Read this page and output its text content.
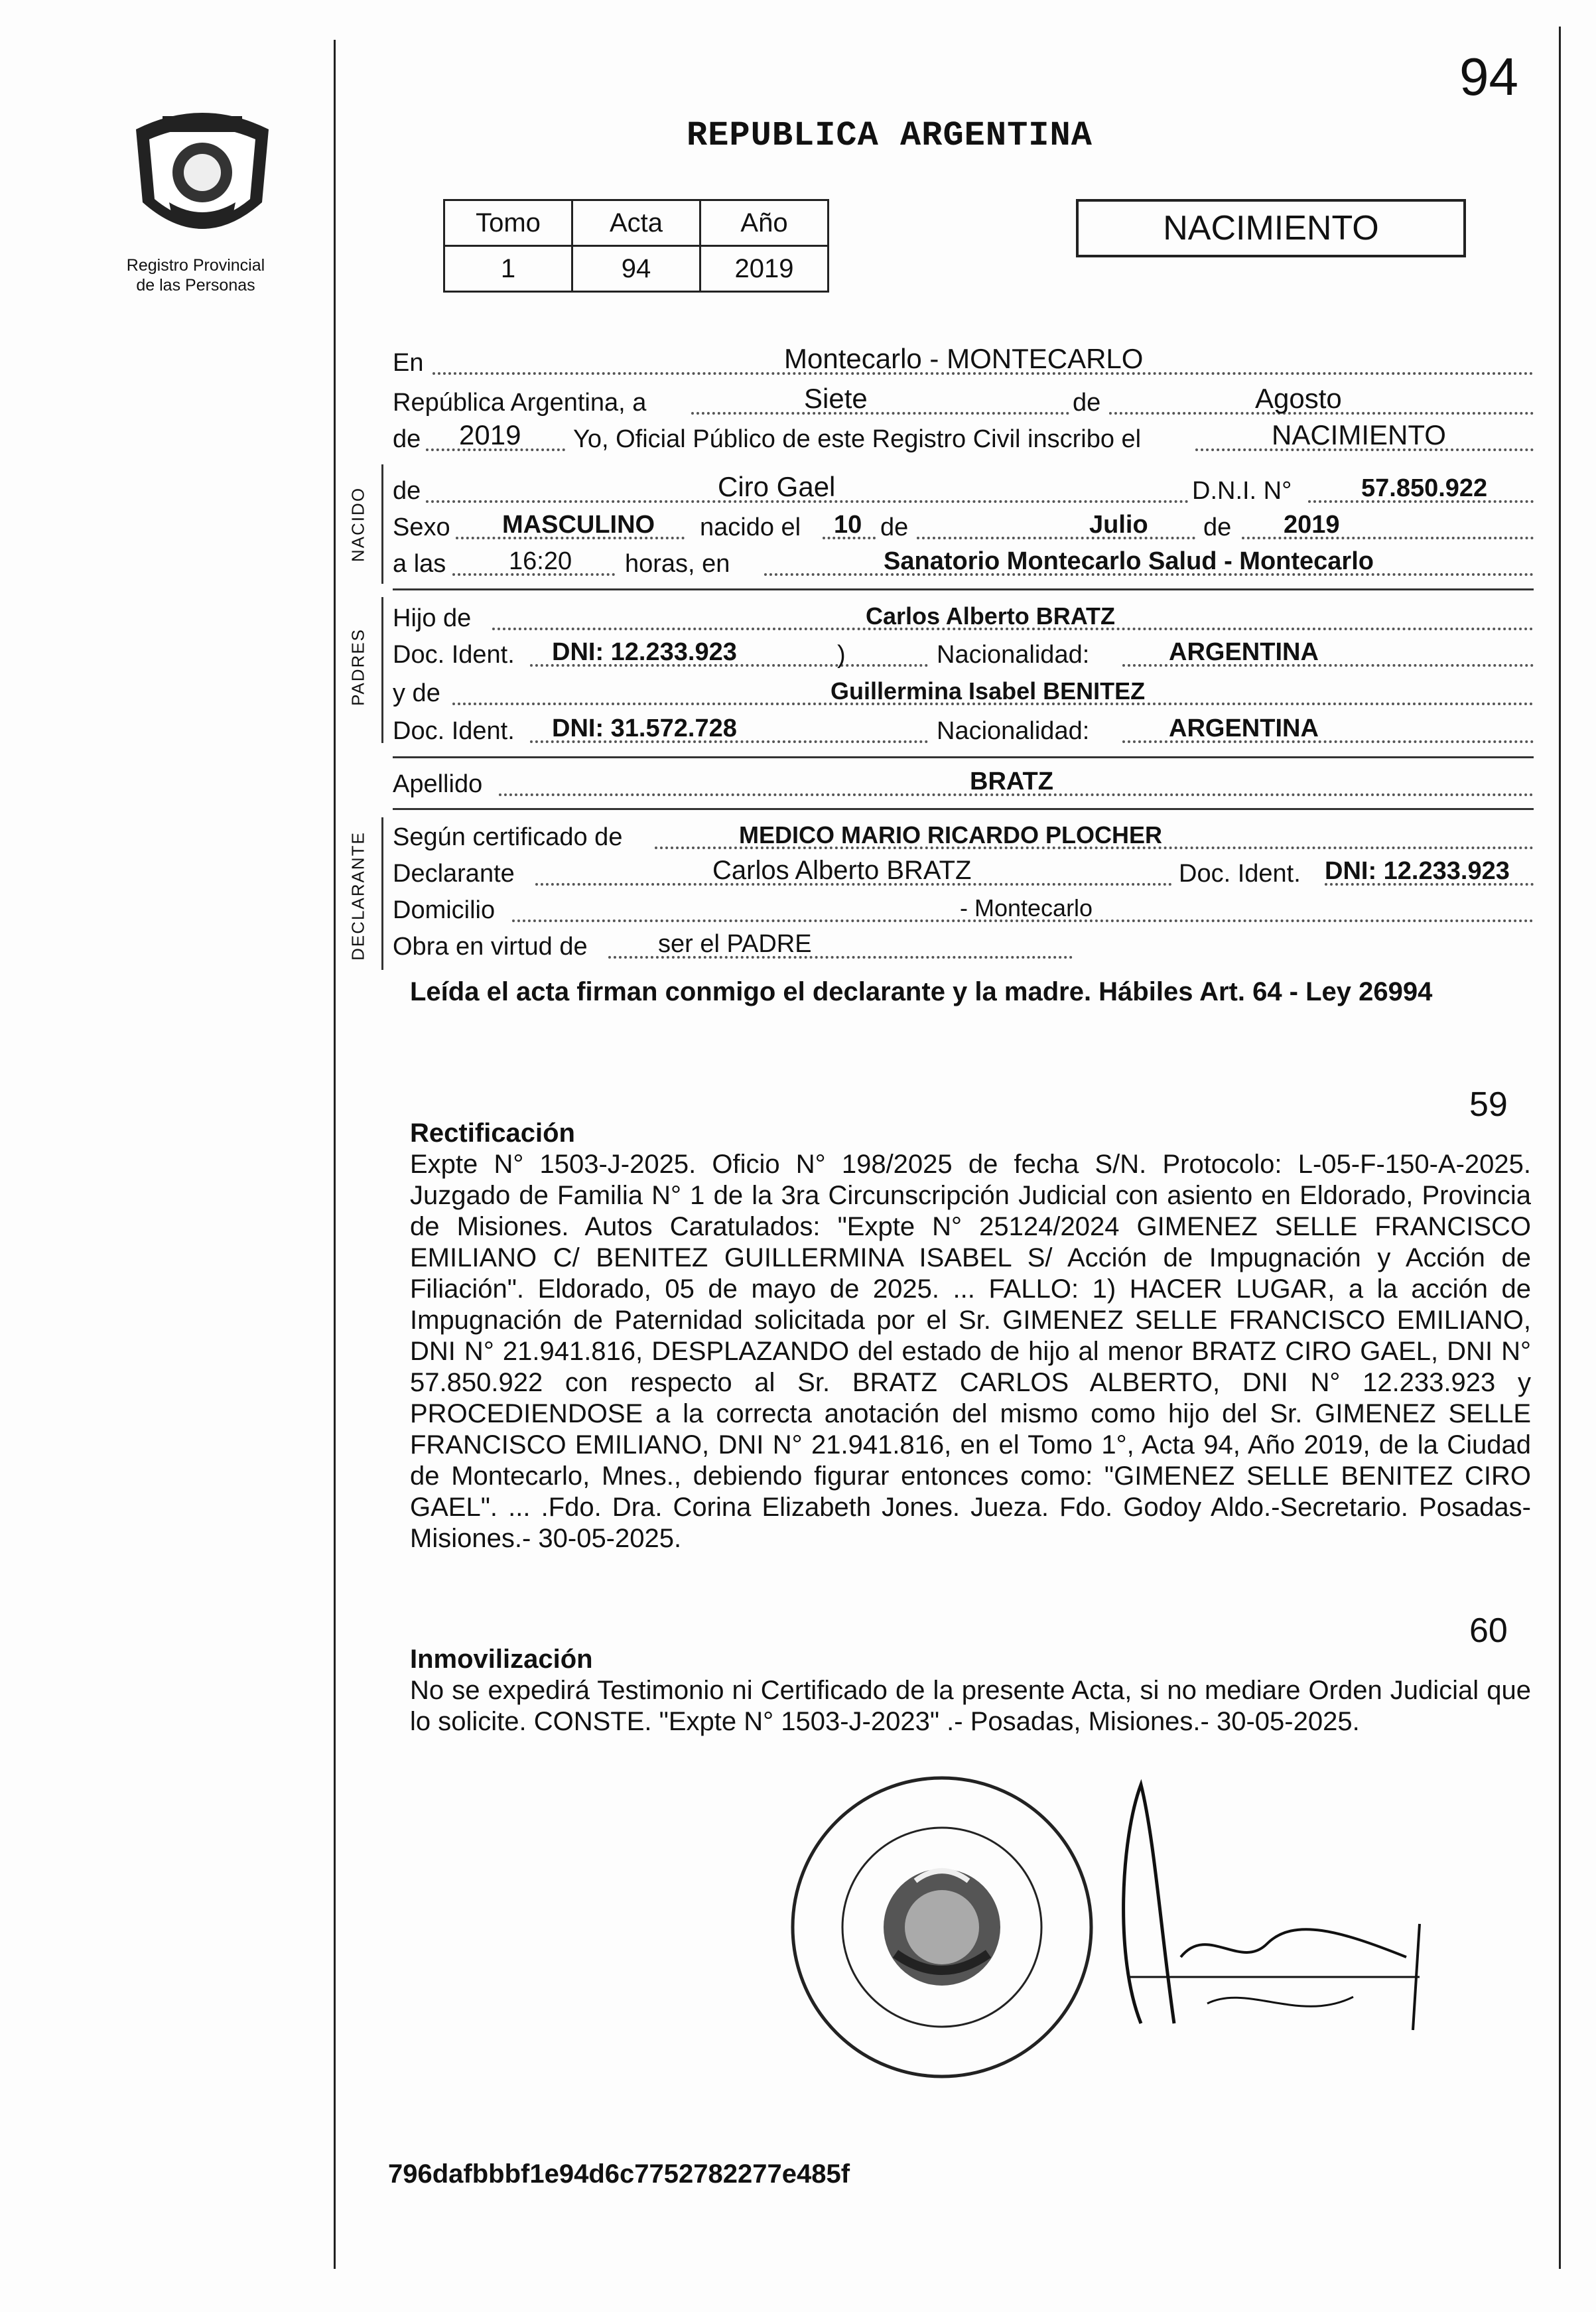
94
Registro Provincial
de las Personas
REPUBLICA ARGENTINA
Tomo	Acta	Año
1	94	2019
NACIMIENTO
En	Montecarlo - MONTECARLO
República Argentina, a	Siete	de	Agosto
de 2019 Yo, Oficial Público de este Registro Civil inscribo el	NACIMIENTO
NACIDO de	Ciro Gael	D.N.I. N°	57.850.922
Sexo MASCULINO nacido el 10 de	Julio de 2019
a las 16:20 horas, en	Sanatorio Montecarlo Salud - Montecarlo
PADRES
Hijo de	Carlos Alberto BRATZ
Doc. Ident. DNI: 12.233.923	)	Nacionalidad:	ARGENTINA
y de	Guillermina Isabel BENITEZ
Doc. Ident. DNI: 31.572.728	Nacionalidad:	ARGENTINA
Apellido	BRATZ
DECLARANTE Según certificado de	MEDICO MARIO RICARDO PLOCHER
Declarante	Carlos Alberto BRATZ	Doc. Ident. DNI: 12.233.923
Domicilio	- Montecarlo
Obra en virtud de	ser el PADRE
Leída el acta firman conmigo el declarante y la madre. Hábiles Art. 64 - Ley 26994
59
Rectificación
Expte N° 1503-J-2025. Oficio N° 198/2025 de fecha S/N. Protocolo: L-05-F-150-A-2025. Juzgado de Familia N° 1 de la 3ra Circunscripción Judicial con asiento en Eldorado, Provincia de Misiones. Autos Caratulados: "Expte N° 25124/2024 GIMENEZ SELLE FRANCISCO EMILIANO C/ BENITEZ GUILLERMINA ISABEL S/ Acción de Impugnación y Acción de Filiación". Eldorado, 05 de mayo de 2025. ... FALLO: 1) HACER LUGAR, a la acción de Impugnación de Paternidad solicitada por el Sr. GIMENEZ SELLE FRANCISCO EMILIANO, DNI N° 21.941.816, DESPLAZANDO del estado de hijo al menor BRATZ CIRO GAEL, DNI N° 57.850.922 con respecto al Sr. BRATZ CARLOS ALBERTO, DNI N° 12.233.923 y PROCEDIENDOSE a la correcta anotación del mismo como hijo del Sr. GIMENEZ SELLE FRANCISCO EMILIANO, DNI N° 21.941.816, en el Tomo 1°, Acta 94, Año 2019, de la Ciudad de Montecarlo, Mnes., debiendo figurar entonces como: "GIMENEZ SELLE BENITEZ CIRO GAEL". ... .Fdo. Dra. Corina Elizabeth Jones. Jueza. Fdo. Godoy Aldo.-Secretario. Posadas- Misiones.- 30-05-2025.
60
Inmovilización
No se expedirá Testimonio ni Certificado de la presente Acta, si no mediare Orden Judicial que lo solicite. CONSTE. "Expte N° 1503-J-2023" .- Posadas, Misiones.- 30-05-2025.
796dafbbbf1e94d6c7752782277e485f
